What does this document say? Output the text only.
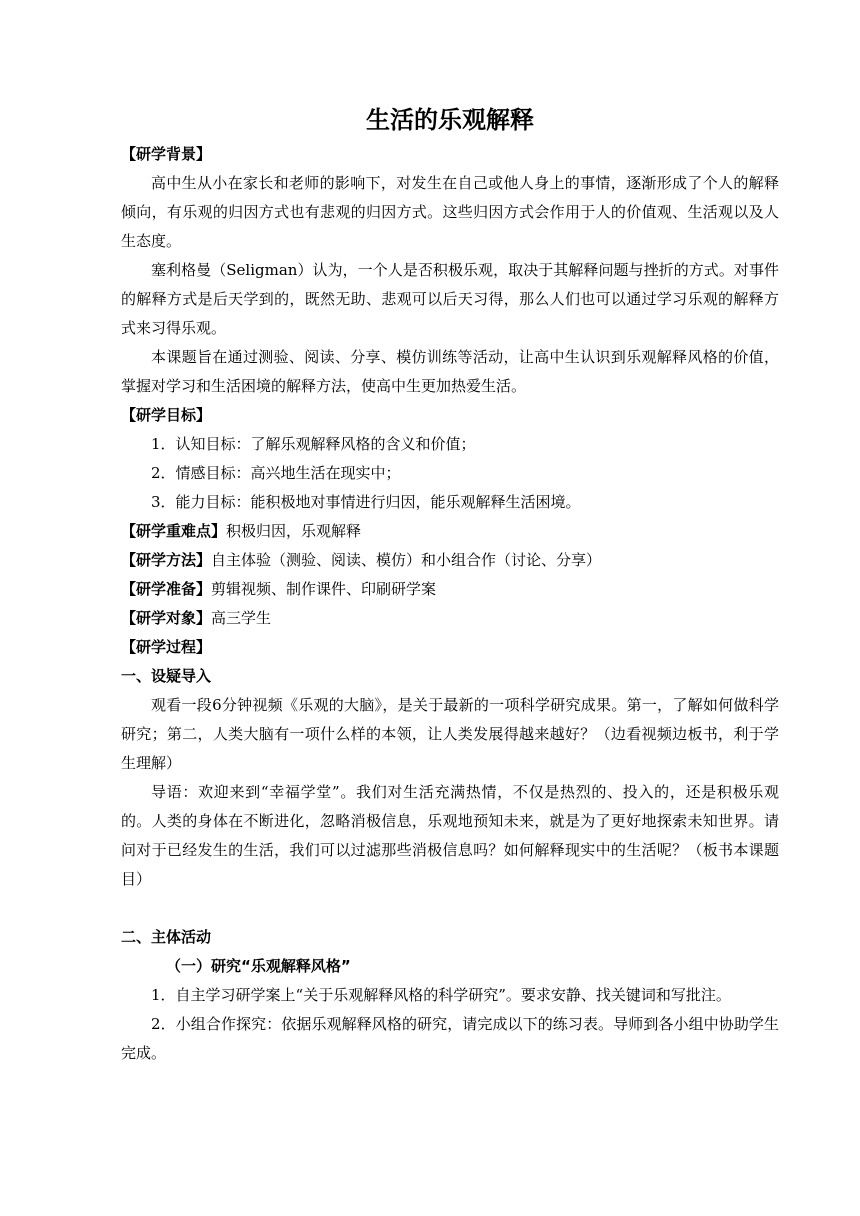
生活的乐观解释

【研学背景】

高中生从小在家长和老师的影响下，对发生在自己或他人身上的事情，逐渐形成了个人的解释倾向，有乐观的归因方式也有悲观的归因方式。这些归因方式会作用于人的价值观、生活观以及人生态度。

塞利格曼（Seligman）认为，一个人是否积极乐观，取决于其解释问题与挫折的方式。对事件的解释方式是后天学到的，既然无助、悲观可以后天习得，那么人们也可以通过学习乐观的解释方式来习得乐观。

本课题旨在通过测验、阅读、分享、模仿训练等活动，让高中生认识到乐观解释风格的价值，掌握对学习和生活困境的解释方法，使高中生更加热爱生活。

【研学目标】

1．认知目标：了解乐观解释风格的含义和价值；

2．情感目标：高兴地生活在现实中；

3．能力目标：能积极地对事情进行归因，能乐观解释生活困境。

【研学重难点】积极归因，乐观解释

【研学方法】自主体验（测验、阅读、模仿）和小组合作（讨论、分享）

【研学准备】剪辑视频、制作课件、印刷研学案

【研学对象】高三学生

【研学过程】

一、设疑导入

观看一段6分钟视频《乐观的大脑》，是关于最新的一项科学研究成果。第一，了解如何做科学研究；第二，人类大脑有一项什么样的本领，让人类发展得越来越好？（边看视频边板书，利于学生理解）

导语：欢迎来到“幸福学堂”。我们对生活充满热情，不仅是热烈的、投入的，还是积极乐观的。人类的身体在不断进化，忽略消极信息，乐观地预知未来，就是为了更好地探索未知世界。请问对于已经发生的生活，我们可以过滤那些消极信息吗？如何解释现实中的生活呢？（板书本课题目）

二、主体活动

（一）研究“乐观解释风格”

1．自主学习研学案上“关于乐观解释风格的科学研究”。要求安静、找关键词和写批注。

2．小组合作探究：依据乐观解释风格的研究，请完成以下的练习表。导师到各小组中协助学生完成。
